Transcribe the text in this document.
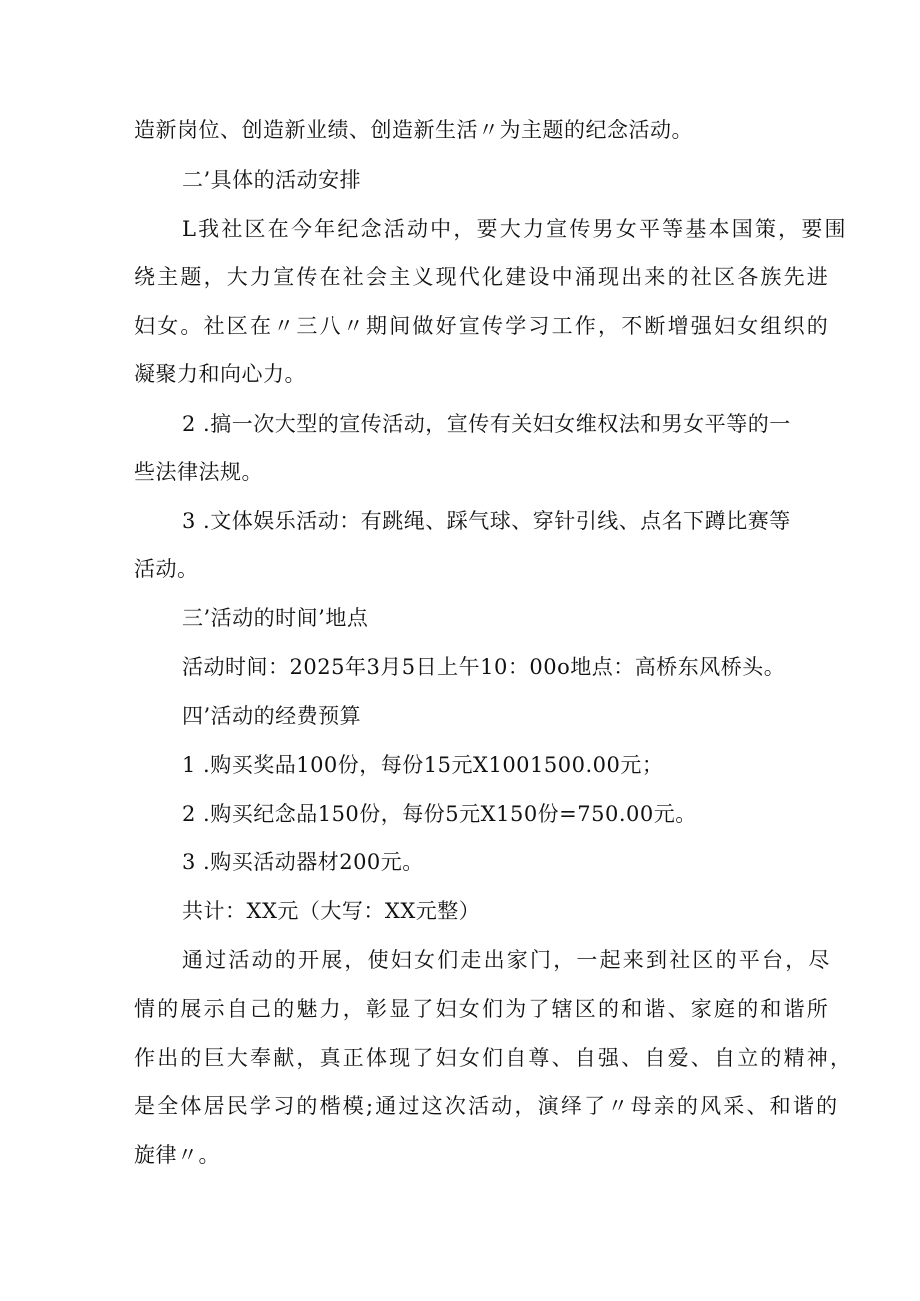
造新岗位、创造新业绩、创造新生活〃为主题的纪念活动。
二’具体的活动安排
L我社区在今年纪念活动中，要大力宣传男女平等基本国策，要围
绕主题，大力宣传在社会主义现代化建设中涌现出来的社区各族先进
妇女。社区在〃三八〃期间做好宣传学习工作，不断增强妇女组织的
凝聚力和向心力。
2 .搞一次大型的宣传活动，宣传有关妇女维权法和男女平等的一
些法律法规。
3 .文体娱乐活动：有跳绳、踩气球、穿针引线、点名下蹲比赛等
活动。
三’活动的时间’地点
活动时间：2025年3月5日上午10：00o地点：高桥东风桥头。
四’活动的经费预算
1 .购买奖品100份，每份15元X1001500.00元；
2 .购买纪念品150份，每份5元X150份=750.00元。
3 .购买活动器材200元。
共计：XX元（大写：XX元整）
通过活动的开展，使妇女们走出家门，一起来到社区的平台，尽
情的展示自己的魅力，彰显了妇女们为了辖区的和谐、家庭的和谐所
作出的巨大奉献，真正体现了妇女们自尊、自强、自爱、自立的精神，
是全体居民学习的楷模;通过这次活动，演绎了〃母亲的风采、和谐的
旋律〃。
